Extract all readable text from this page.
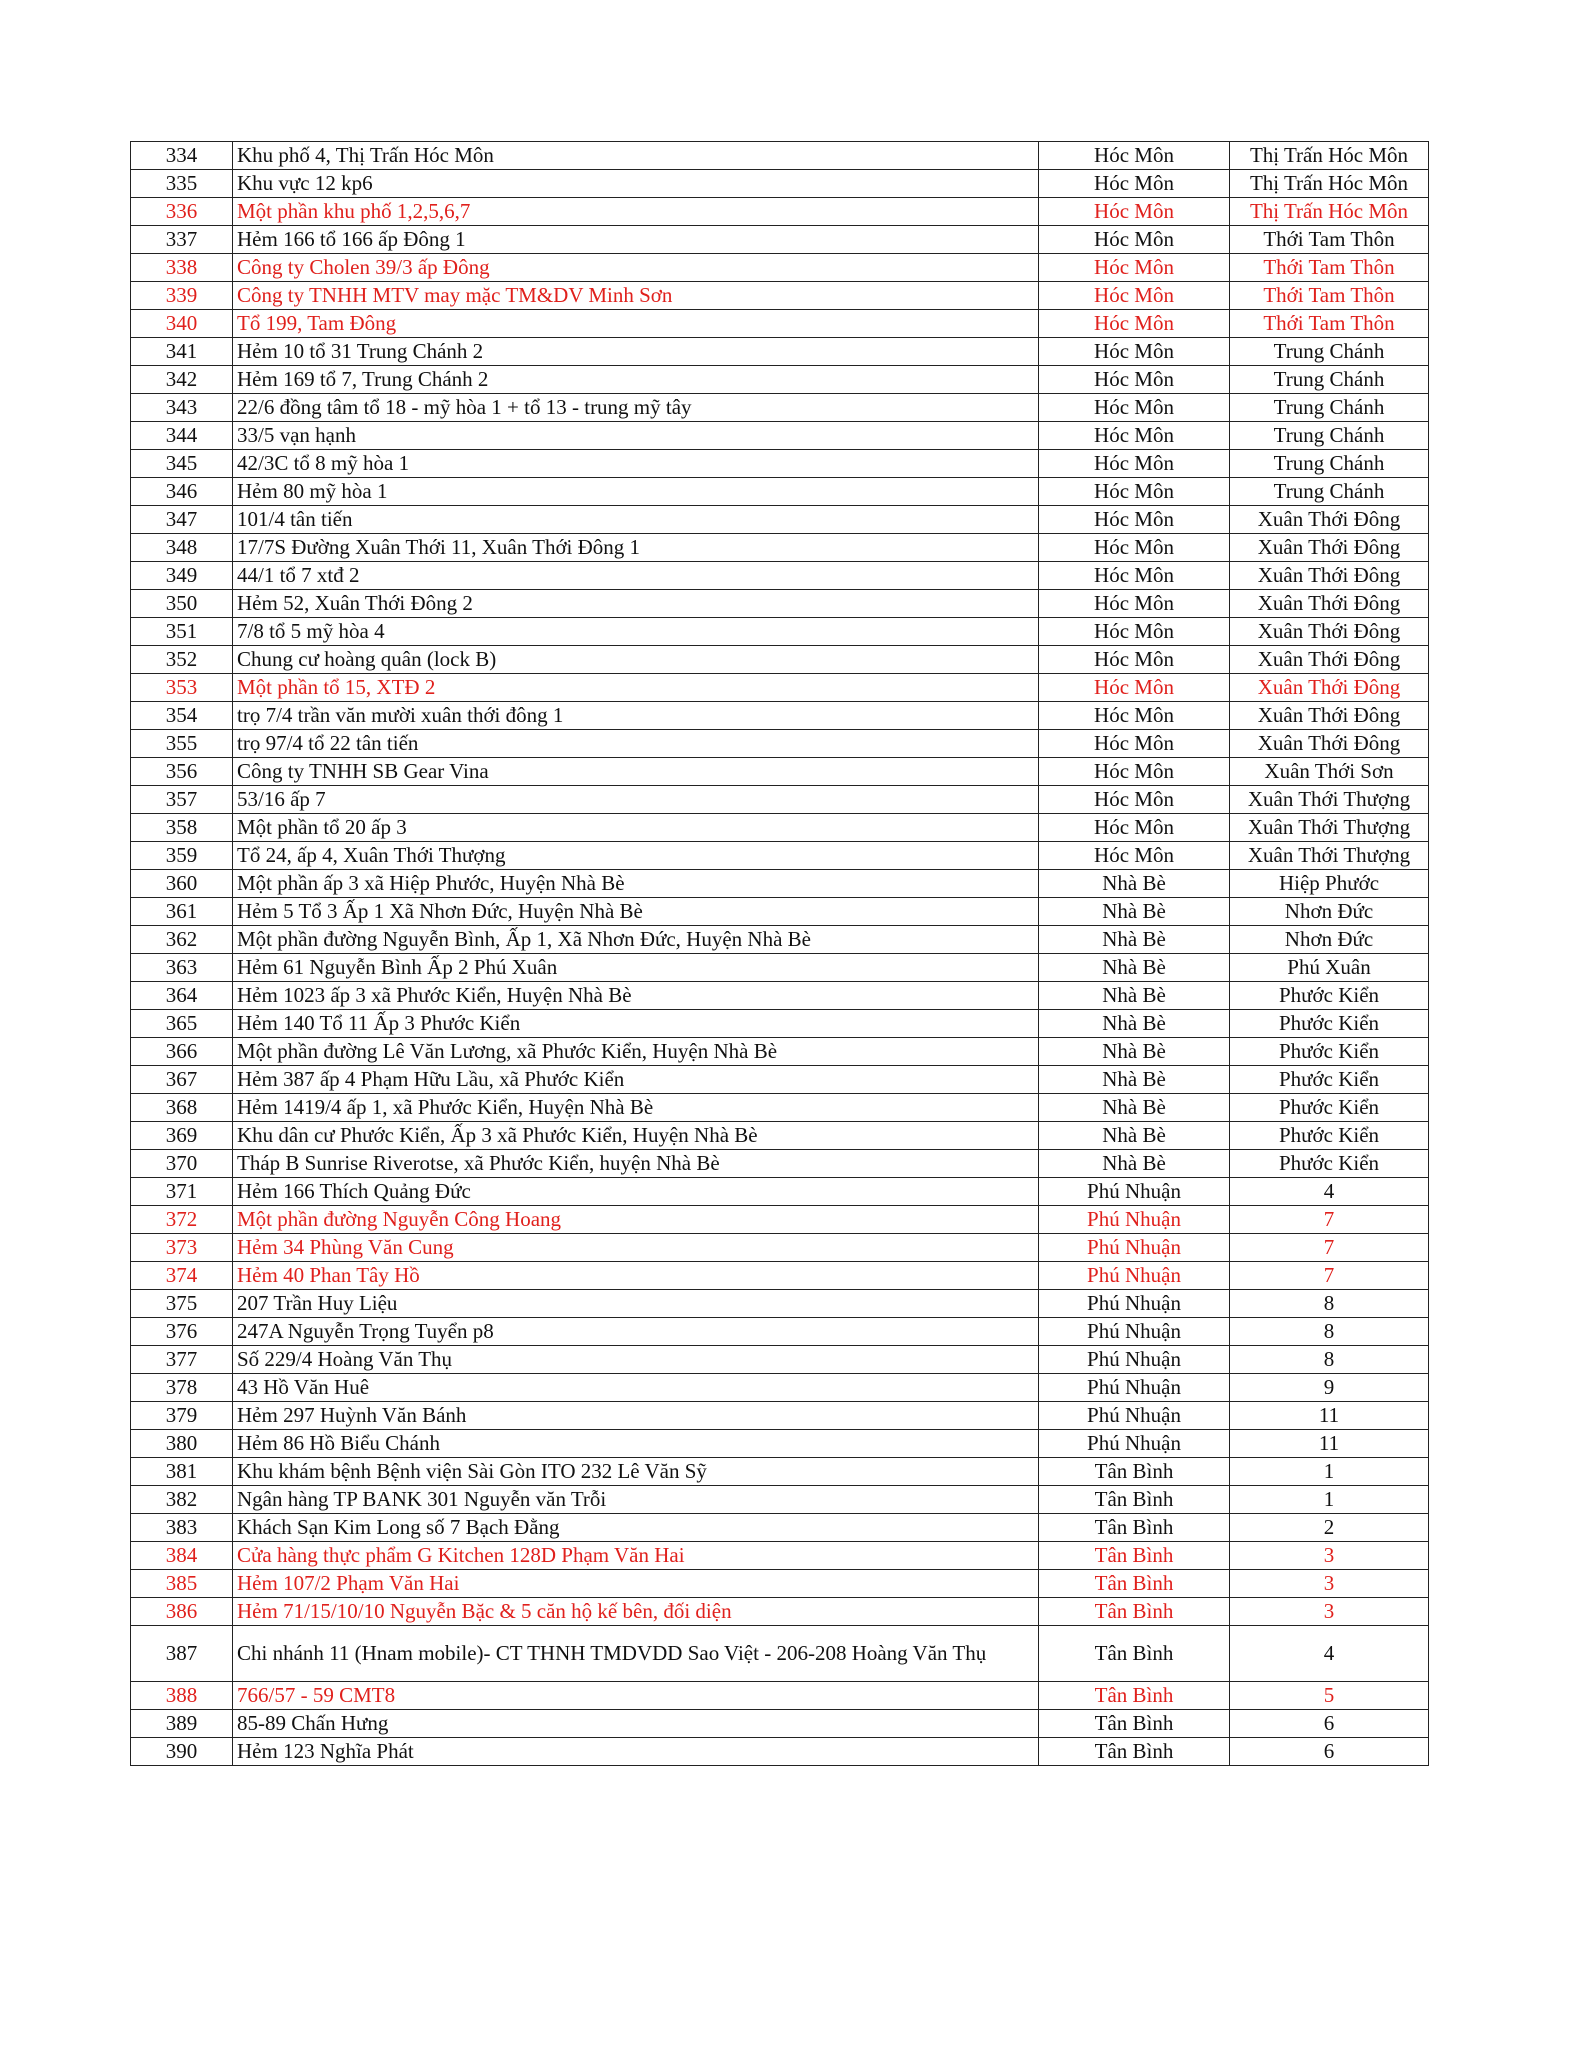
334	Khu phố 4, Thị Trấn Hóc Môn	Hóc Môn	Thị Trấn Hóc Môn
335	Khu vực 12 kp6	Hóc Môn	Thị Trấn Hóc Môn
336	Một phần khu phố 1,2,5,6,7	Hóc Môn	Thị Trấn Hóc Môn
337	Hẻm 166 tổ 166 ấp Đông 1	Hóc Môn	Thới Tam Thôn
338	Công ty Cholen 39/3 ấp Đông	Hóc Môn	Thới Tam Thôn
339	Công ty TNHH MTV may mặc TM&DV Minh Sơn	Hóc Môn	Thới Tam Thôn
340	Tổ 199, Tam Đông	Hóc Môn	Thới Tam Thôn
341	Hẻm 10 tổ 31 Trung Chánh 2	Hóc Môn	Trung Chánh
342	Hẻm 169 tổ 7, Trung Chánh 2	Hóc Môn	Trung Chánh
343	22/6 đồng tâm tổ 18 - mỹ hòa 1 + tổ 13 - trung mỹ tây	Hóc Môn	Trung Chánh
344	33/5 vạn hạnh	Hóc Môn	Trung Chánh
345	42/3C tổ 8 mỹ hòa 1	Hóc Môn	Trung Chánh
346	Hẻm 80 mỹ hòa 1	Hóc Môn	Trung Chánh
347	101/4 tân tiến	Hóc Môn	Xuân Thới Đông
348	17/7S Đường Xuân Thới 11, Xuân Thới Đông 1	Hóc Môn	Xuân Thới Đông
349	44/1 tổ 7 xtđ 2	Hóc Môn	Xuân Thới Đông
350	Hẻm 52, Xuân Thới Đông 2	Hóc Môn	Xuân Thới Đông
351	7/8 tổ 5 mỹ hòa 4	Hóc Môn	Xuân Thới Đông
352	Chung cư hoàng quân (lock B)	Hóc Môn	Xuân Thới Đông
353	Một phần tổ 15, XTĐ 2	Hóc Môn	Xuân Thới Đông
354	trọ 7/4 trần văn mười xuân thới đông 1	Hóc Môn	Xuân Thới Đông
355	trọ 97/4 tổ 22 tân tiến	Hóc Môn	Xuân Thới Đông
356	Công ty TNHH SB Gear Vina	Hóc Môn	Xuân Thới Sơn
357	53/16 ấp 7	Hóc Môn	Xuân Thới Thượng
358	Một phần tổ 20 ấp 3	Hóc Môn	Xuân Thới Thượng
359	Tổ 24, ấp 4, Xuân Thới Thượng	Hóc Môn	Xuân Thới Thượng
360	Một phần ấp 3 xã Hiệp Phước, Huyện Nhà Bè	Nhà Bè	Hiệp Phước
361	Hẻm 5 Tổ 3 Ấp 1 Xã Nhơn Đức, Huyện Nhà Bè	Nhà Bè	Nhơn Đức
362	Một phần đường Nguyễn Bình, Ấp 1, Xã Nhơn Đức, Huyện Nhà Bè	Nhà Bè	Nhơn Đức
363	Hẻm 61 Nguyễn Bình Ấp 2 Phú Xuân	Nhà Bè	Phú Xuân
364	Hẻm 1023 ấp 3 xã Phước Kiển, Huyện Nhà Bè	Nhà Bè	Phước Kiển
365	Hẻm 140 Tổ 11 Ấp 3 Phước Kiển	Nhà Bè	Phước Kiển
366	Một phần đường Lê Văn Lương, xã Phước Kiển, Huyện Nhà Bè	Nhà Bè	Phước Kiển
367	Hẻm 387 ấp 4 Phạm Hữu Lầu, xã Phước Kiển	Nhà Bè	Phước Kiển
368	Hẻm 1419/4 ấp 1, xã Phước Kiển, Huyện Nhà Bè	Nhà Bè	Phước Kiển
369	Khu dân cư Phước Kiển, Ấp 3 xã Phước Kiển, Huyện Nhà Bè	Nhà Bè	Phước Kiển
370	Tháp B Sunrise Riverotse, xã Phước Kiển, huyện Nhà Bè	Nhà Bè	Phước Kiển
371	Hẻm 166 Thích Quảng Đức	Phú Nhuận	4
372	Một phần đường Nguyễn Công Hoang	Phú Nhuận	7
373	Hẻm 34 Phùng Văn Cung	Phú Nhuận	7
374	Hẻm 40 Phan Tây Hồ	Phú Nhuận	7
375	207 Trần Huy Liệu	Phú Nhuận	8
376	247A Nguyễn Trọng Tuyển p8	Phú Nhuận	8
377	Số 229/4 Hoàng Văn Thụ	Phú Nhuận	8
378	43 Hồ Văn Huê	Phú Nhuận	9
379	Hẻm 297 Huỳnh Văn Bánh	Phú Nhuận	11
380	Hẻm 86 Hồ Biểu Chánh	Phú Nhuận	11
381	Khu khám bệnh Bệnh viện Sài Gòn ITO 232 Lê Văn Sỹ	Tân Bình	1
382	Ngân hàng TP BANK 301 Nguyễn văn Trỗi	Tân Bình	1
383	Khách Sạn Kim Long số 7 Bạch Đằng	Tân Bình	2
384	Cửa hàng thực phẩm G Kitchen 128D Phạm Văn Hai	Tân Bình	3
385	Hẻm 107/2 Phạm Văn Hai	Tân Bình	3
386	Hẻm 71/15/10/10 Nguyễn Bặc & 5 căn hộ kế bên, đối diện	Tân Bình	3
387	Chi nhánh 11 (Hnam mobile)- CT THNH TMDVDD Sao Việt - 206-208 Hoàng Văn Thụ	Tân Bình	4
388	766/57 - 59 CMT8	Tân Bình	5
389	85-89 Chấn Hưng	Tân Bình	6
390	Hẻm 123 Nghĩa Phát	Tân Bình	6
